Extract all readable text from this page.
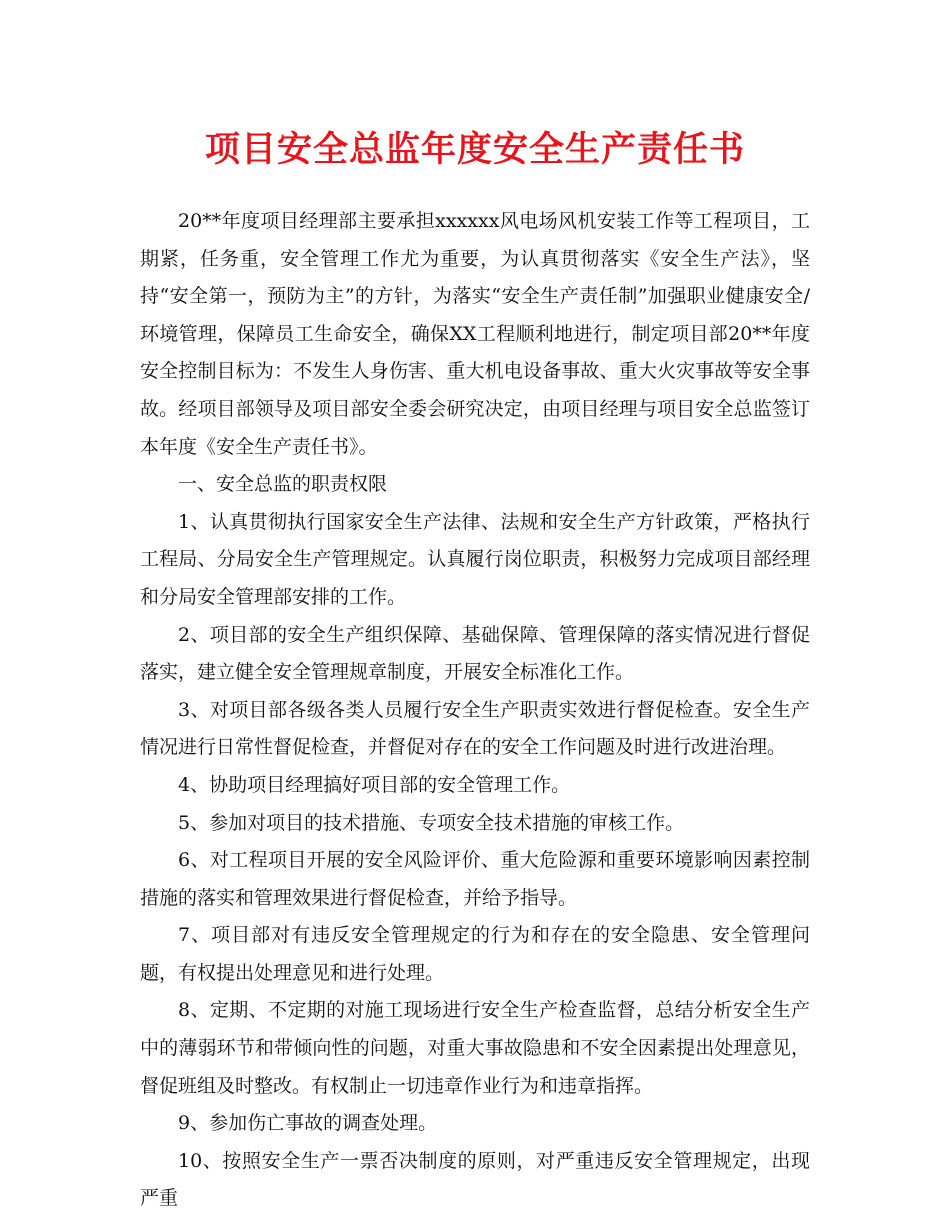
项目安全总监年度安全生产责任书

20**年度项目经理部主要承担xxxxxx风电场风机安装工作等工程项目，工期紧，任务重，安全管理工作尤为重要，为认真贯彻落实《安全生产法》，坚持“安全第一，预防为主”的方针，为落实“安全生产责任制”加强职业健康安全/环境管理，保障员工生命安全，确保XX工程顺利地进行，制定项目部20**年度安全控制目标为：不发生人身伤害、重大机电设备事故、重大火灾事故等安全事故。经项目部领导及项目部安全委会研究决定，由项目经理与项目安全总监签订本年度《安全生产责任书》。

一、安全总监的职责权限

1、认真贯彻执行国家安全生产法律、法规和安全生产方针政策，严格执行工程局、分局安全生产管理规定。认真履行岗位职责，积极努力完成项目部经理和分局安全管理部安排的工作。

2、项目部的安全生产组织保障、基础保障、管理保障的落实情况进行督促落实，建立健全安全管理规章制度，开展安全标准化工作。

3、对项目部各级各类人员履行安全生产职责实效进行督促检查。安全生产情况进行日常性督促检查，并督促对存在的安全工作问题及时进行改进治理。

4、协助项目经理搞好项目部的安全管理工作。

5、参加对项目的技术措施、专项安全技术措施的审核工作。

6、对工程项目开展的安全风险评价、重大危险源和重要环境影响因素控制措施的落实和管理效果进行督促检查，并给予指导。

7、项目部对有违反安全管理规定的行为和存在的安全隐患、安全管理问题，有权提出处理意见和进行处理。

8、定期、不定期的对施工现场进行安全生产检查监督，总结分析安全生产中的薄弱环节和带倾向性的问题，对重大事故隐患和不安全因素提出处理意见，督促班组及时整改。有权制止一切违章作业行为和违章指挥。

9、参加伤亡事故的调查处理。

10、按照安全生产一票否决制度的原则，对严重违反安全管理规定，出现严重
